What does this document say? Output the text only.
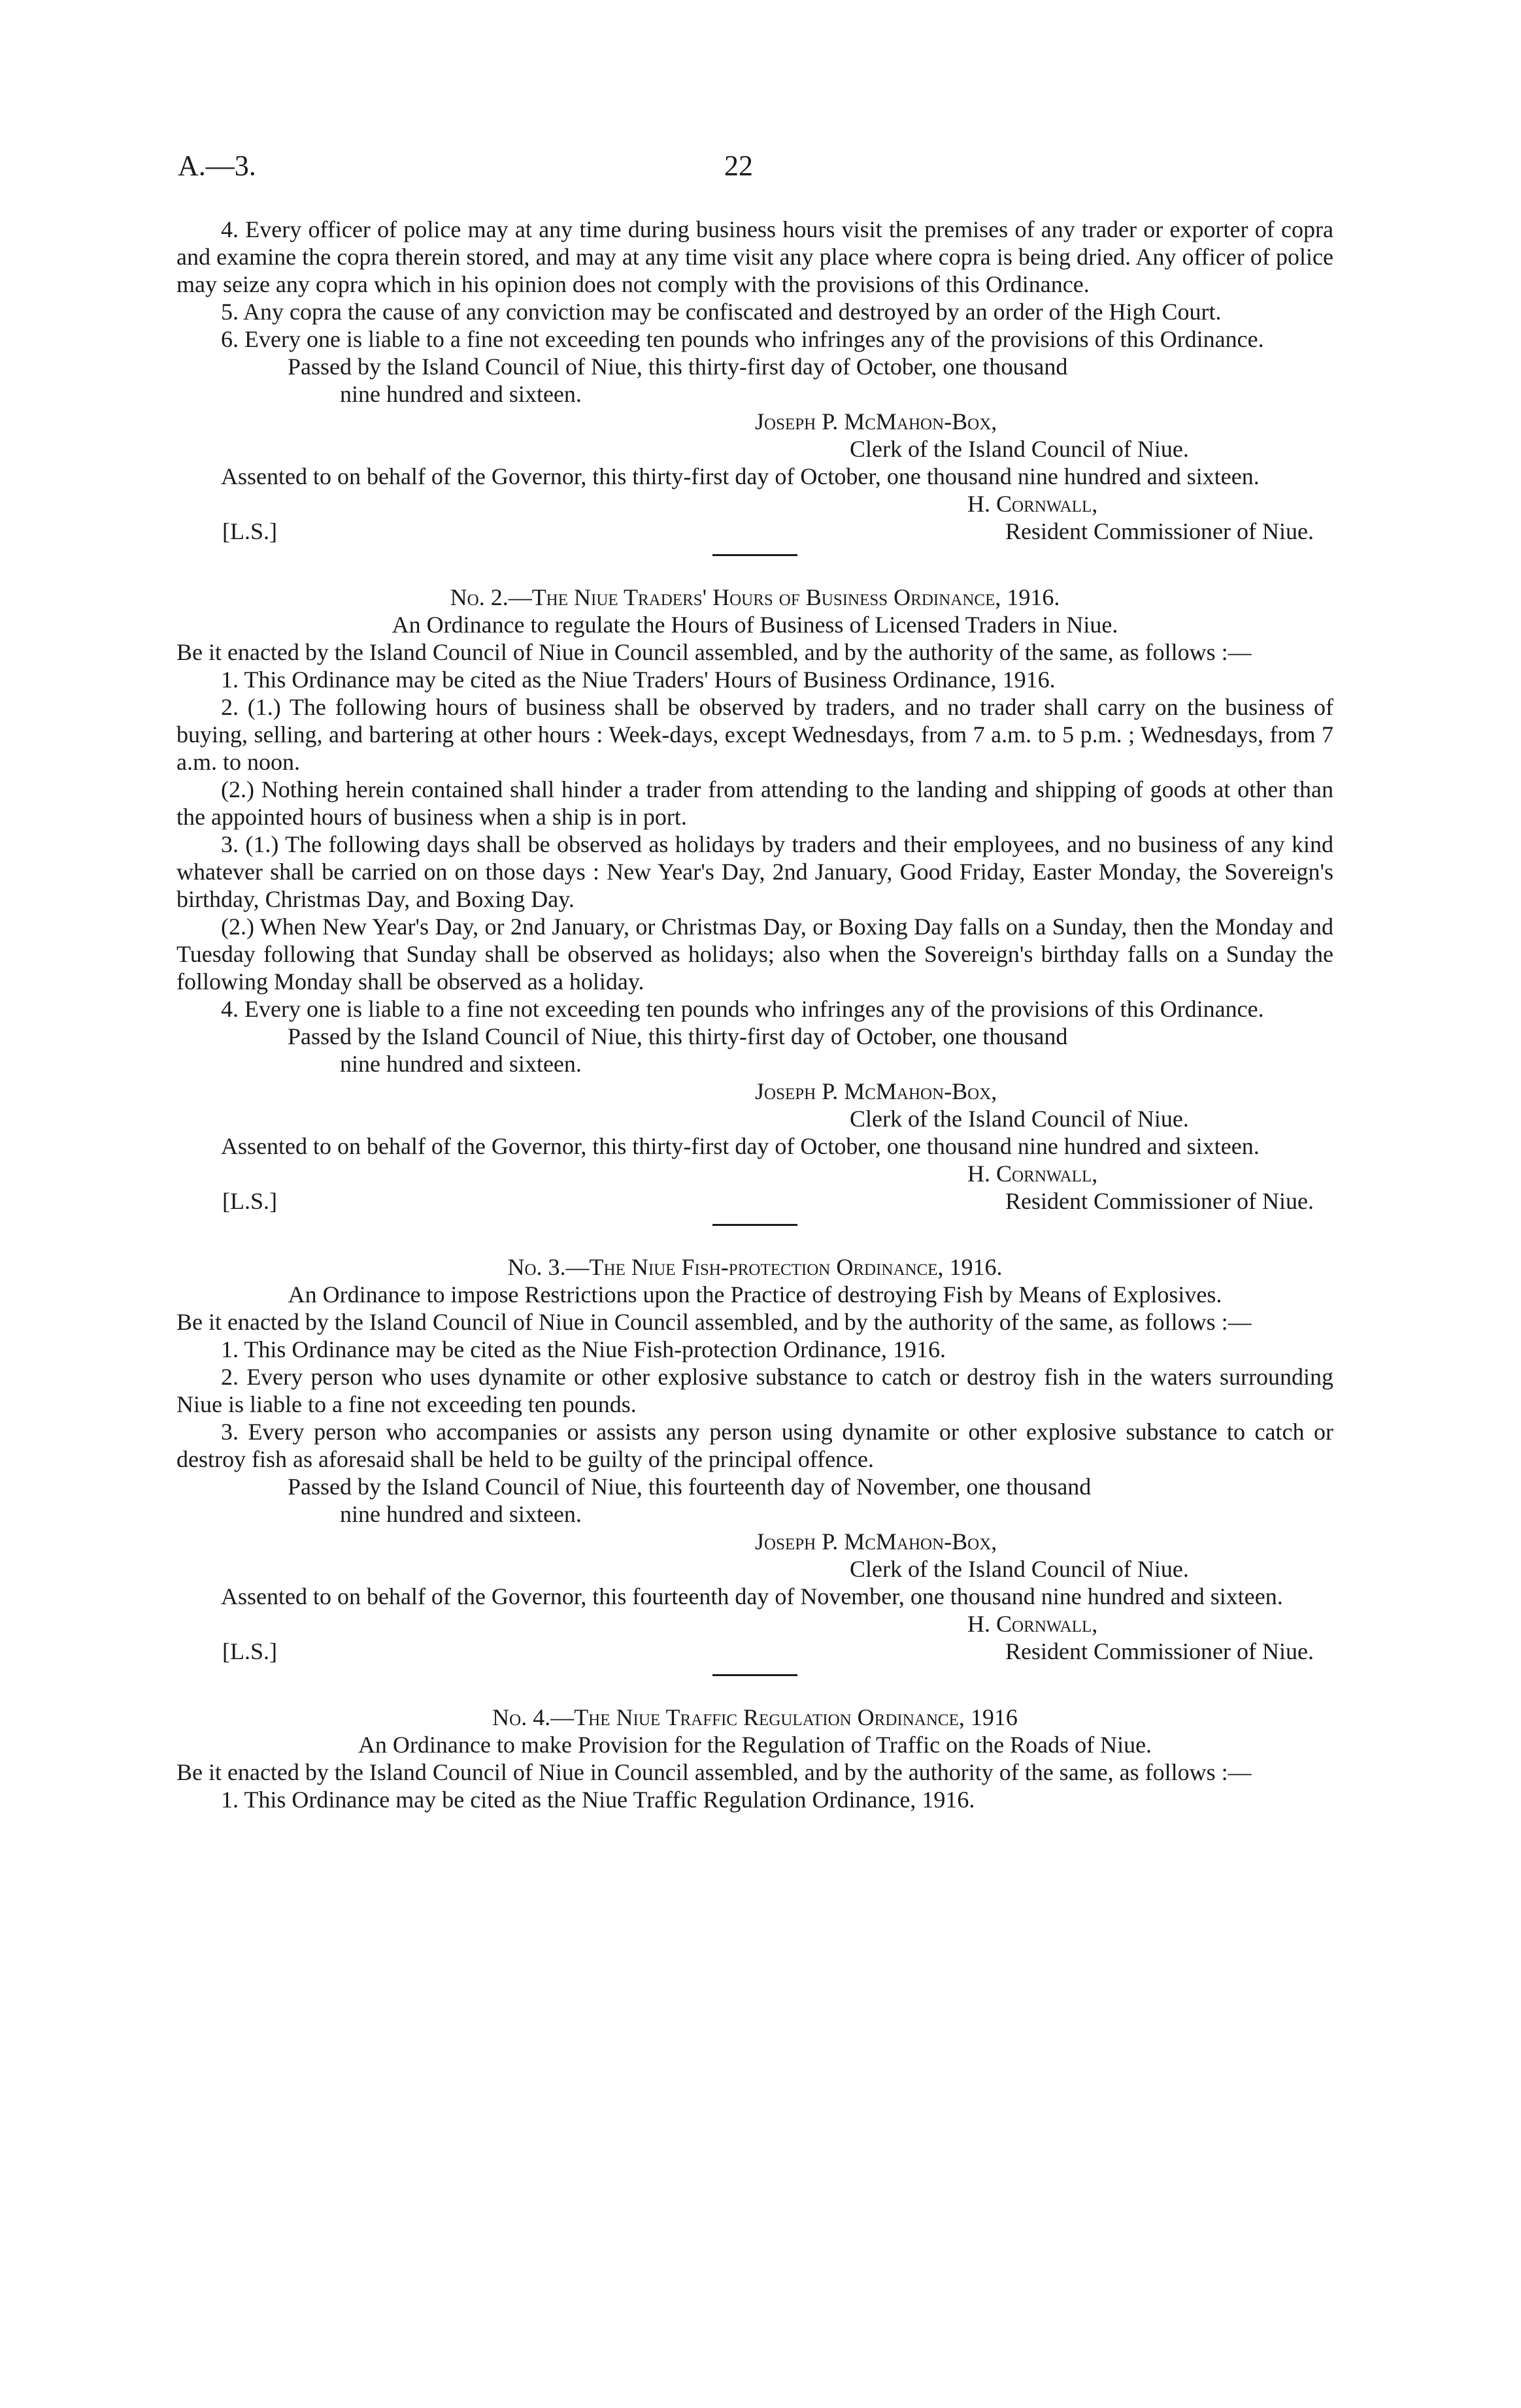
A.—3.	22

4. Every officer of police may at any time during business hours visit the premises of any trader or exporter of copra and examine the copra therein stored, and may at any time visit any place where copra is being dried. Any officer of police may seize any copra which in his opinion does not comply with the provisions of this Ordinance.

5. Any copra the cause of any conviction may be confiscated and destroyed by an order of the High Court.

6. Every one is liable to a fine not exceeding ten pounds who infringes any of the provisions of this Ordinance.

Passed by the Island Council of Niue, this thirty-first day of October, one thousand
nine hundred and sixteen.

Joseph P. McMahon-Box,

Clerk of the Island Council of Niue.

Assented to on behalf of the Governor, this thirty-first day of October, one thousand nine hundred and sixteen.

H. Cornwall,

[L.S.]	Resident Commissioner of Niue.

No. 2.—The Niue Traders' Hours of Business Ordinance, 1916.

An Ordinance to regulate the Hours of Business of Licensed Traders in Niue.

Be it enacted by the Island Council of Niue in Council assembled, and by the authority of the same, as follows :—

1. This Ordinance may be cited as the Niue Traders' Hours of Business Ordinance, 1916.

2. (1.) The following hours of business shall be observed by traders, and no trader shall carry on the business of buying, selling, and bartering at other hours : Week-days, except Wednesdays, from 7 a.m. to 5 p.m. ; Wednesdays, from 7 a.m. to noon.

(2.) Nothing herein contained shall hinder a trader from attending to the landing and shipping of goods at other than the appointed hours of business when a ship is in port.

3. (1.) The following days shall be observed as holidays by traders and their employees, and no business of any kind whatever shall be carried on on those days : New Year's Day, 2nd January, Good Friday, Easter Monday, the Sovereign's birthday, Christmas Day, and Boxing Day.

(2.) When New Year's Day, or 2nd January, or Christmas Day, or Boxing Day falls on a Sunday, then the Monday and Tuesday following that Sunday shall be observed as holidays; also when the Sovereign's birthday falls on a Sunday the following Monday shall be observed as a holiday.

4. Every one is liable to a fine not exceeding ten pounds who infringes any of the provisions of this Ordinance.

Passed by the Island Council of Niue, this thirty-first day of October, one thousand
nine hundred and sixteen.

Joseph P. McMahon-Box,

Clerk of the Island Council of Niue.

Assented to on behalf of the Governor, this thirty-first day of October, one thousand nine hundred and sixteen.

H. Cornwall,

[L.S.]	Resident Commissioner of Niue.

No. 3.—The Niue Fish-protection Ordinance, 1916.

An Ordinance to impose Restrictions upon the Practice of destroying Fish by Means of Explosives.

Be it enacted by the Island Council of Niue in Council assembled, and by the authority of the same, as follows :—

1. This Ordinance may be cited as the Niue Fish-protection Ordinance, 1916.

2. Every person who uses dynamite or other explosive substance to catch or destroy fish in the waters surrounding Niue is liable to a fine not exceeding ten pounds.

3. Every person who accompanies or assists any person using dynamite or other explosive substance to catch or destroy fish as aforesaid shall be held to be guilty of the principal offence.

Passed by the Island Council of Niue, this fourteenth day of November, one thousand
nine hundred and sixteen.

Joseph P. McMahon-Box,

Clerk of the Island Council of Niue.

Assented to on behalf of the Governor, this fourteenth day of November, one thousand nine hundred and sixteen.

H. Cornwall,

[L.S.]	Resident Commissioner of Niue.

No. 4.—The Niue Traffic Regulation Ordinance, 1916

An Ordinance to make Provision for the Regulation of Traffic on the Roads of Niue.

Be it enacted by the Island Council of Niue in Council assembled, and by the authority of the same, as follows :—

1. This Ordinance may be cited as the Niue Traffic Regulation Ordinance, 1916.
